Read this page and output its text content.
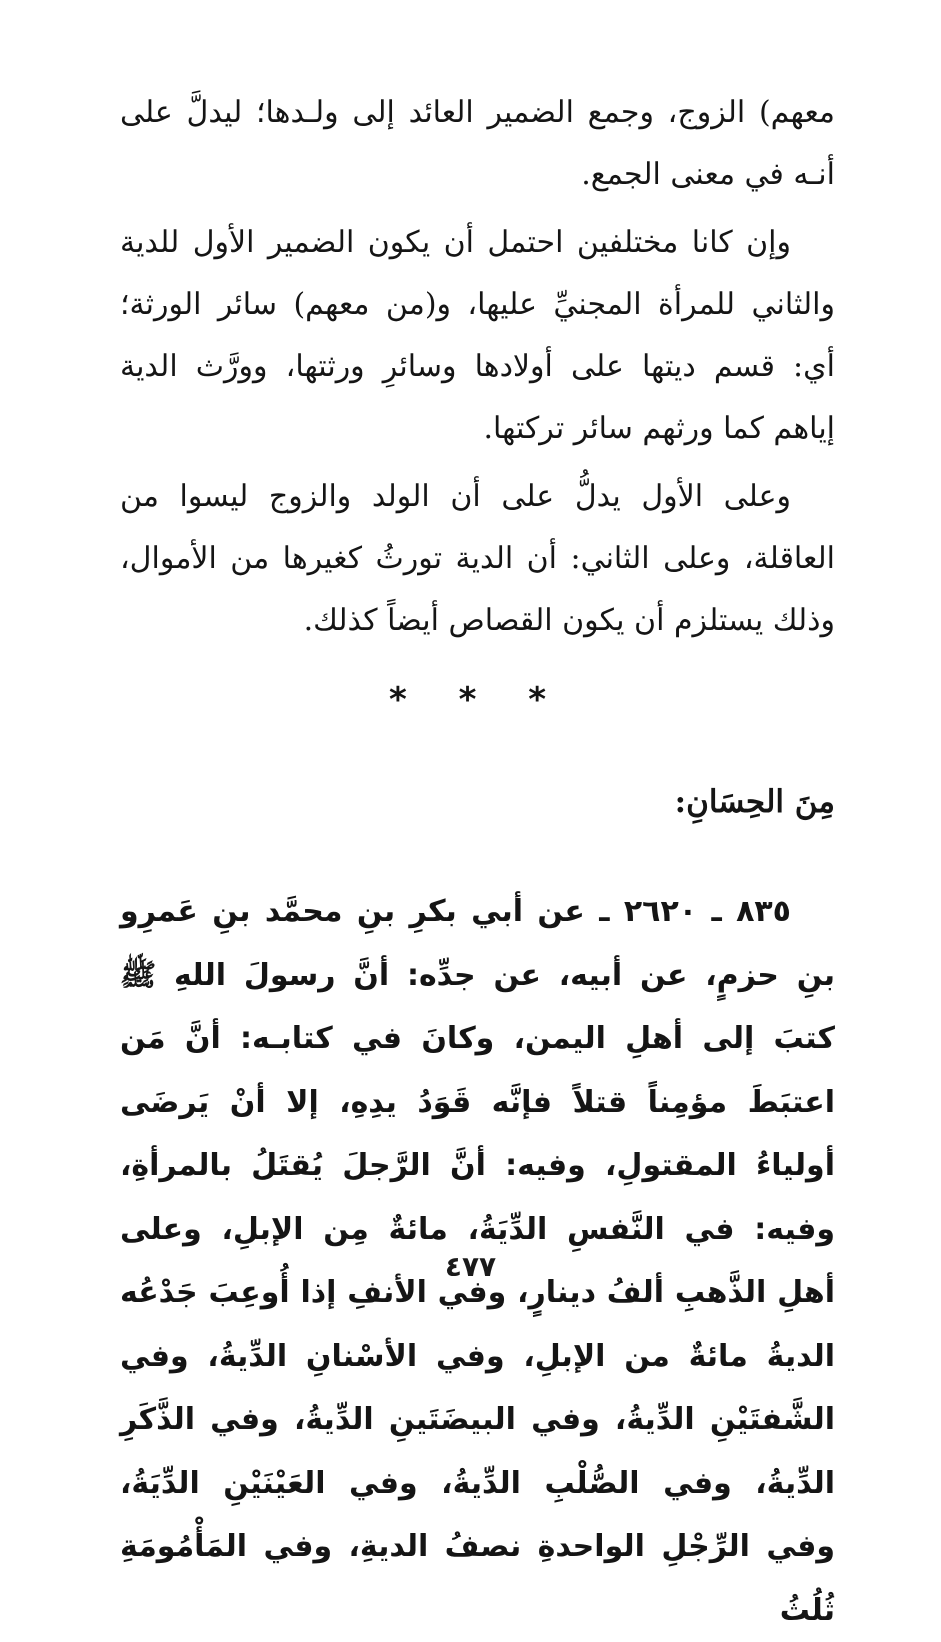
معهم) الزوج، وجمع الضمير العائد إلى ولـدها؛ ليدلَّ على أنـه في معنى الجمع.

وإن كانا مختلفين احتمل أن يكون الضمير الأول للدية والثاني للمرأة المجنيِّ عليها، و(من معهم) سائر الورثة؛ أي: قسم ديتها على أولادها وسائرِ ورثتها، وورَّث الدية إياهم كما ورثهم سائر تركتها.

وعلى الأول يدلُّ على أن الولد والزوج ليسوا من العاقلة، وعلى الثاني: أن الدية تورثُ كغيرها من الأموال، وذلك يستلزم أن يكون القصاص أيضاً كذلك.

* * *
مِنَ الحِسَانِ:

٨٣٥ ـ ٢٦٢٠ ـ عن أبي بكرِ بنِ محمَّد بنِ عَمرِو بنِ حزمٍ، عن أبيه، عن جدِّه: أنَّ رسولَ اللهِ ﷺ كتبَ إلى أهلِ اليمن، وكانَ في كتابـه: أنَّ مَن اعتبَطَ مؤمِناً قتلاً فإنَّه قَوَدُ يدِهِ، إلا أنْ يَرضَى أولياءُ المقتولِ، وفيه: أنَّ الرَّجلَ يُقتَلُ بالمرأةِ، وفيه: في النَّفسِ الدِّيَةُ، مائةٌ مِن الإبلِ، وعلى أهلِ الذَّهبِ ألفُ دينارٍ، وفي الأنفِ إذا أُوعِبَ جَدْعُه الديةُ مائةٌ من الإبلِ، وفي الأسْنانِ الدِّيةُ، وفي الشَّفتَيْنِ الدِّيةُ، وفي البيضَتَينِ الدِّيةُ، وفي الذَّكَرِ الدِّيةُ، وفي الصُّلْبِ الدِّيةُ، وفي العَيْنَيْنِ الدِّيَةُ، وفي الرِّجْلِ الواحدةِ نصفُ الديةِ، وفي المَأْمُومَةِ ثُلُثُ

٤٧٧
